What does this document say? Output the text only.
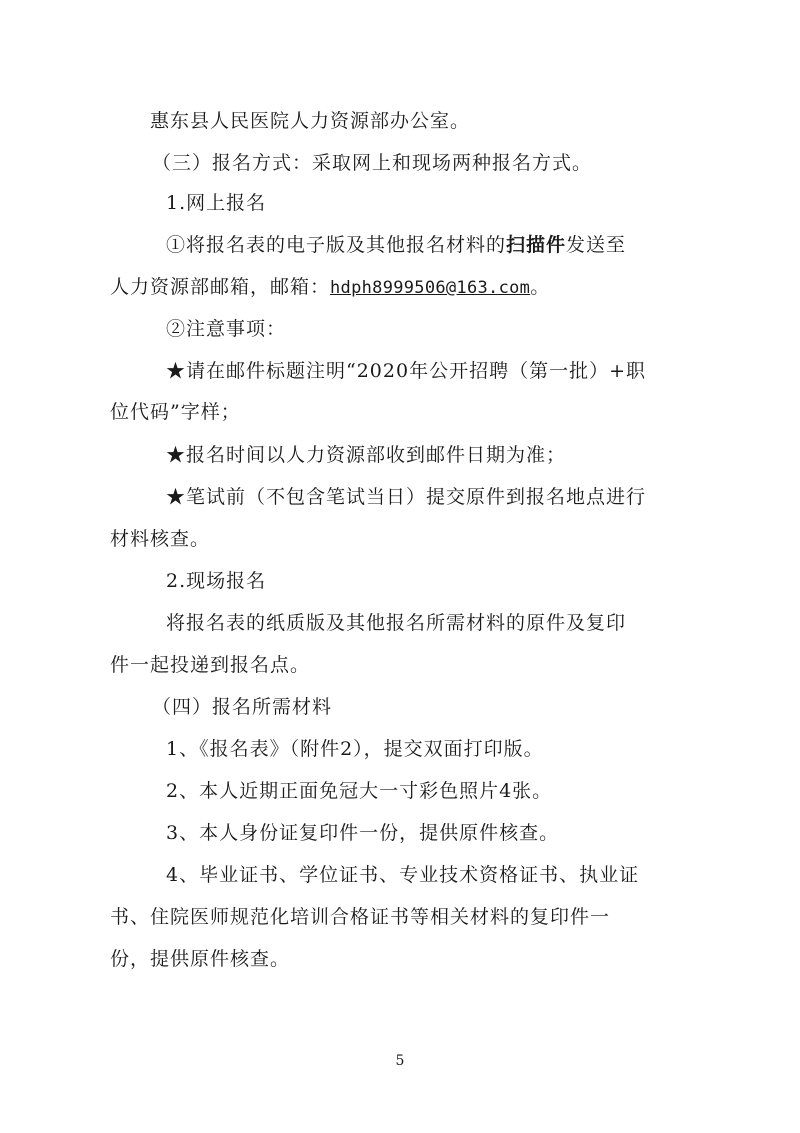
惠东县人民医院人力资源部办公室。
（三）报名方式：采取网上和现场两种报名方式。
1.网上报名
①将报名表的电子版及其他报名材料的扫描件发送至
人力资源部邮箱，邮箱：hdph8999506@163.com。
②注意事项：
★请在邮件标题注明“2020年公开招聘（第一批）+职
位代码”字样；
★报名时间以人力资源部收到邮件日期为准；
★笔试前（不包含笔试当日）提交原件到报名地点进行
材料核查。
2.现场报名
将报名表的纸质版及其他报名所需材料的原件及复印
件一起投递到报名点。
（四）报名所需材料
1、《报名表》（附件2），提交双面打印版。
2、本人近期正面免冠大一寸彩色照片4张。
3、本人身份证复印件一份，提供原件核查。
4、毕业证书、学位证书、专业技术资格证书、执业证
书、住院医师规范化培训合格证书等相关材料的复印件一
份，提供原件核查。
5
